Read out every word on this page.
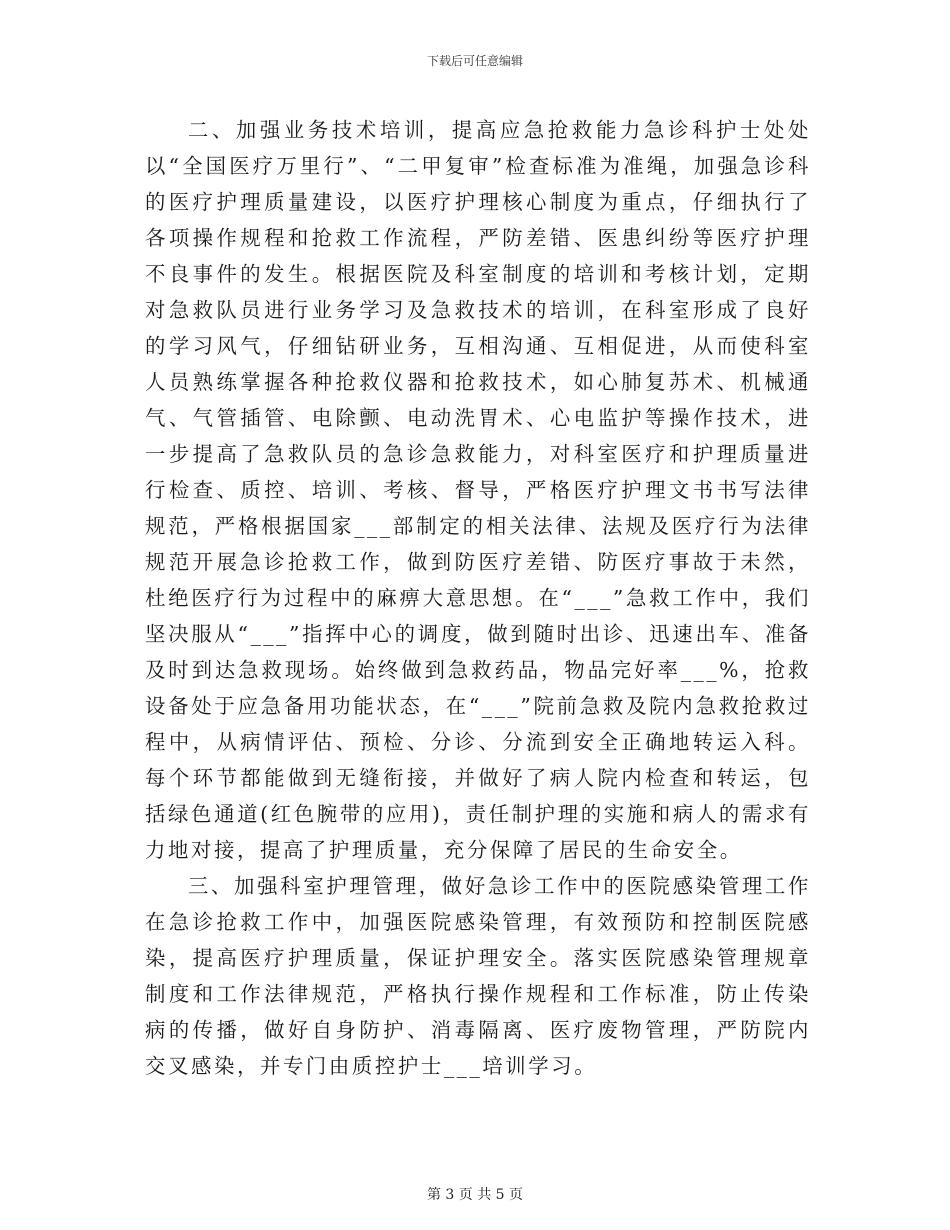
下载后可任意编辑

二、加强业务技术培训，提高应急抢救能力急诊科护士处处以“全国医疗万里行”、“二甲复审”检查标准为准绳，加强急诊科的医疗护理质量建设，以医疗护理核心制度为重点，仔细执行了各项操作规程和抢救工作流程，严防差错、医患纠纷等医疗护理不良事件的发生。根据医院及科室制度的培训和考核计划，定期对急救队员进行业务学习及急救技术的培训，在科室形成了良好的学习风气，仔细钻研业务，互相沟通、互相促进，从而使科室人员熟练掌握各种抢救仪器和抢救技术，如心肺复苏术、机械通气、气管插管、电除颤、电动洗胃术、心电监护等操作技术，进一步提高了急救队员的急诊急救能力，对科室医疗和护理质量进行检查、质控、培训、考核、督导，严格医疗护理文书书写法律规范，严格根据国家___部制定的相关法律、法规及医疗行为法律规范开展急诊抢救工作，做到防医疗差错、防医疗事故于未然，杜绝医疗行为过程中的麻痹大意思想。在“___”急救工作中，我们坚决服从“___”指挥中心的调度，做到随时出诊、迅速出车、准备及时到达急救现场。始终做到急救药品，物品完好率___%，抢救设备处于应急备用功能状态，在“___”院前急救及院内急救抢救过程中，从病情评估、预检、分诊、分流到安全正确地转运入科。每个环节都能做到无缝衔接，并做好了病人院内检查和转运，包括绿色通道(红色腕带的应用)，责任制护理的实施和病人的需求有力地对接，提高了护理质量，充分保障了居民的生命安全。

三、加强科室护理管理，做好急诊工作中的医院感染管理工作在急诊抢救工作中，加强医院感染管理，有效预防和控制医院感染，提高医疗护理质量，保证护理安全。落实医院感染管理规章制度和工作法律规范，严格执行操作规程和工作标准，防止传染病的传播，做好自身防护、消毒隔离、医疗废物管理，严防院内交叉感染，并专门由质控护士___培训学习。

第 3 页 共 5 页
